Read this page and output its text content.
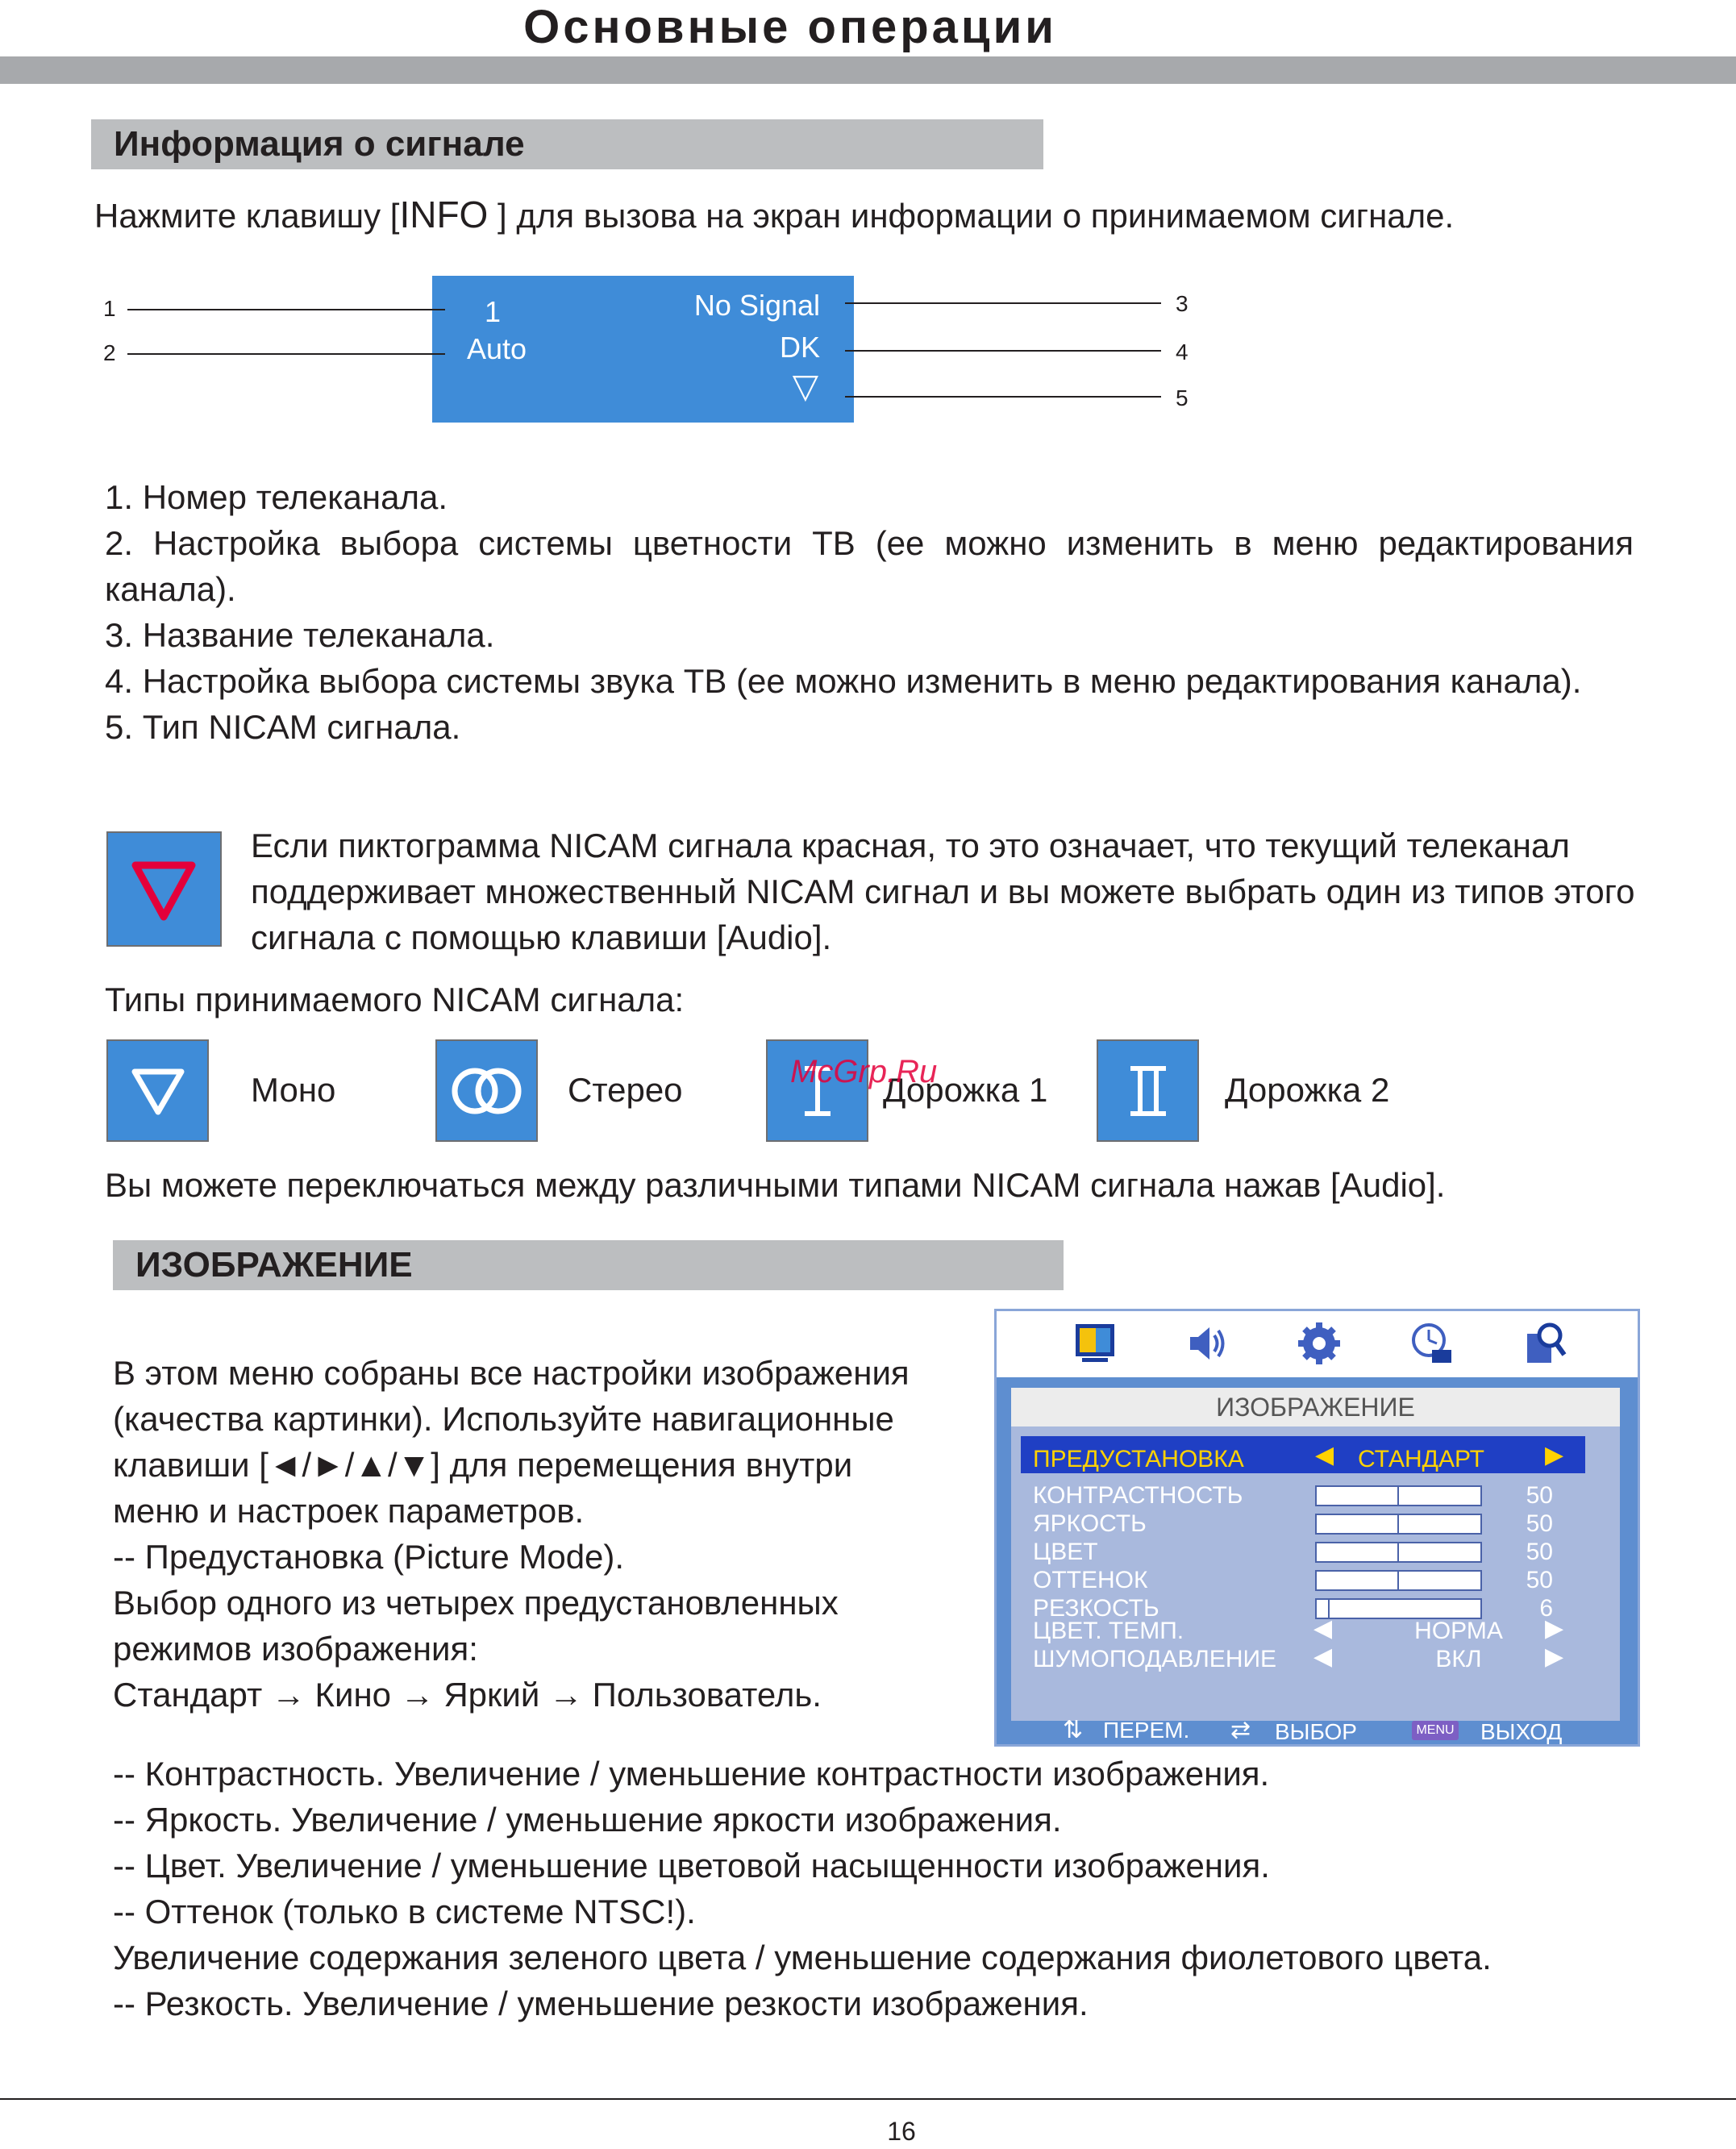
Основные операции
Информация о сигнале
Нажмите клавишу [INFO ] для вызова на экран информации о принимаемом сигнале.
1
Auto
No Signal
DK
▽
1
2
3
4
5
1. Номер телеканала.
2. Настройка выбора системы цветности ТВ (ее можно изменить в меню редактирования канала).
3. Название телеканала.
4. Настройка выбора системы звука ТВ (ее можно изменить в меню редактирования канала).
5. Тип NICAM сигнала.
Если пиктограмма NICAM сигнала красная, то это означает, что текущий телеканал поддерживает множественный NICAM сигнал и вы можете выбрать один из типов этого сигнала с помощью клавиши [Audio].
Типы принимаемого NICAM сигнала:
Моно	Стерео	Дорожка 1
McGrp.Ru	Дорожка 2
Вы можете переключаться между различными типами NICAM сигнала нажав [Audio].
ИЗОБРАЖЕНИЕ
В этом меню собраны все настройки изображения
(качества картинки). Используйте навигационные
клавиши [◄/►/▲/▼] для перемещения внутри
меню и настроек параметров.
-- Предустановка (Picture Mode).
Выбор одного из четырех предустановленных
режимов изображения:
Стандарт → Кино → Яркий → Пользователь.
ИЗОБРАЖЕНИЕ
ПРЕДУСТАНОВКА	◀ СТАНДАРТ	▶
КОНТРАСТНОСТЬ	50
ЯРКОСТЬ	50
ЦВЕТ	50
ОТТЕНОК	50
РЕЗКОСТЬ	6
ЦВЕТ. ТЕМП.	◀	НОРМА	▶
ШУМОПОДАВЛЕНИЕ ◀	ВКЛ	▶
⇅ ПЕРЕМ. ⇄ ВЫБОР	MENU ВЫХОД
-- Контрастность. Увеличение / уменьшение контрастности изображения.
-- Яркость. Увеличение / уменьшение яркости изображения.
-- Цвет. Увеличение / уменьшение цветовой насыщенности изображения.
-- Оттенок (только в системе NTSC!).
Увеличение содержания зеленого цвета / уменьшение содержания фиолетового цвета.
-- Резкость. Увеличение / уменьшение резкости изображения.
16
